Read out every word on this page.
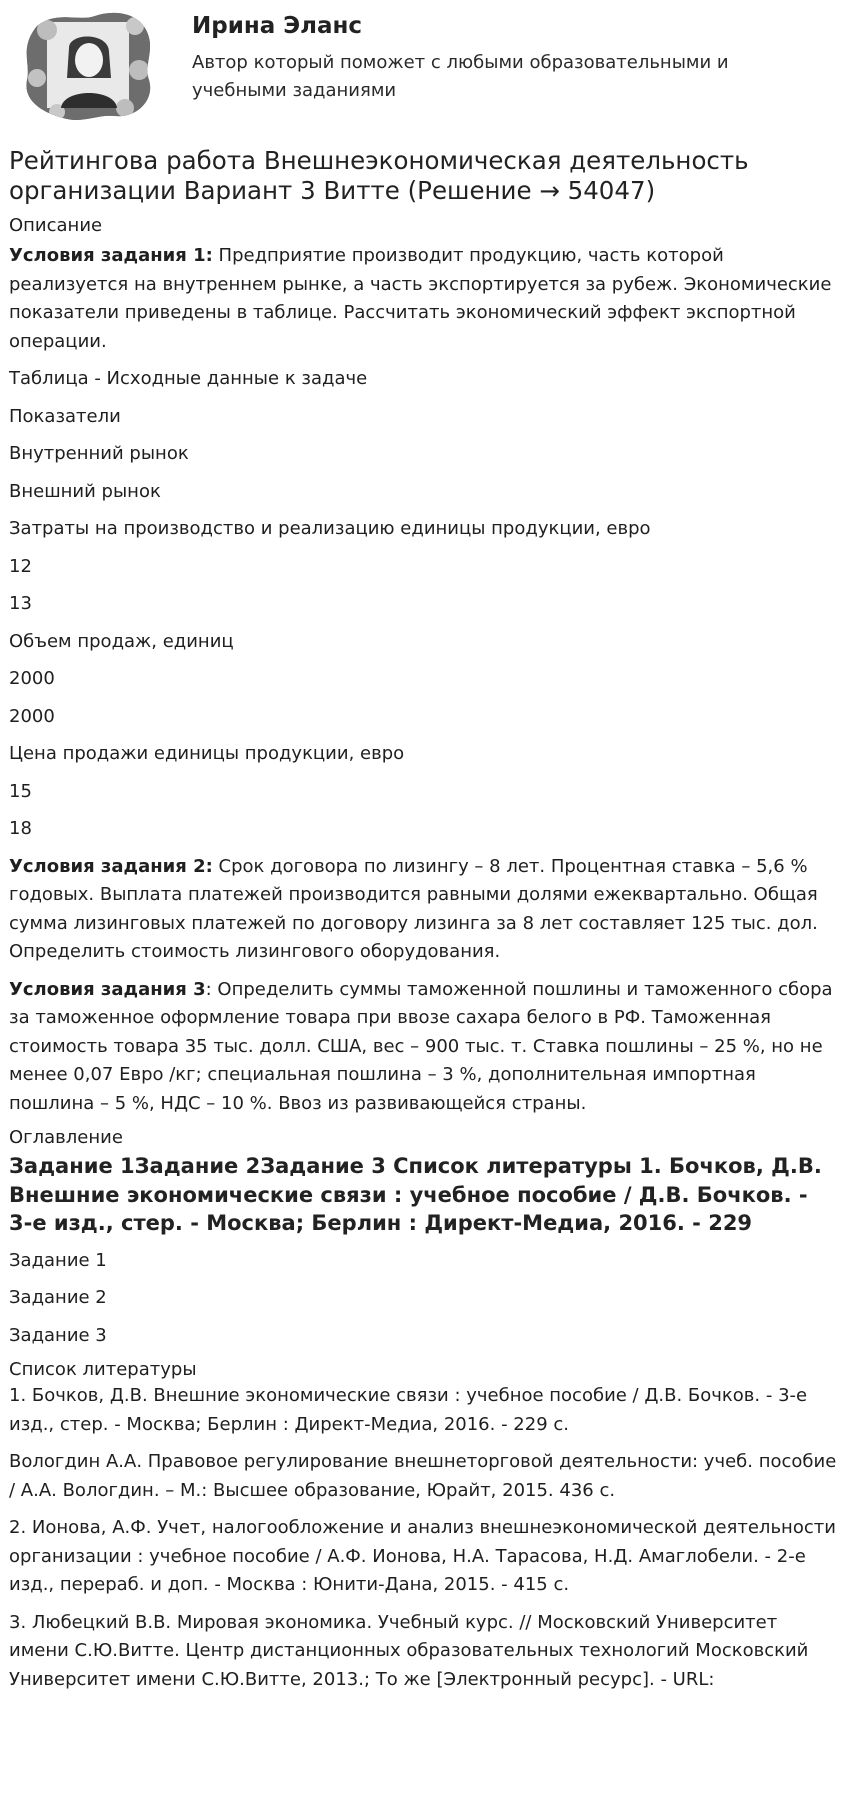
Ирина Эланс
Автор который поможет с любыми образовательными и учебными заданиями
Рейтингова работа Внешнеэкономическая деятельность организации Вариант 3 Витте (Решение → 54047)
Описание

Условия задания 1: Предприятие производит продукцию, часть которой реализуется на внутреннем рынке, а часть экспортируется за рубеж. Экономические показатели приведены в таблице. Рассчитать экономический эффект экспортной операции.

Таблица - Исходные данные к задаче
Показатели
Внутренний рынок
Внешний рынок
Затраты на производство и реализацию единицы продукции, евро
12
13
Объем продаж, единиц
2000
2000
Цена продажи единицы продукции, евро
15
18

Условия задания 2: Срок договора по лизингу – 8 лет. Процентная ставка – 5,6 % годовых. Выплата платежей производится равными долями ежеквартально. Общая сумма лизинговых платежей по договору лизинга за 8 лет составляет 125 тыс. дол. Определить стоимость лизингового оборудования.

Условия задания 3: Определить суммы таможенной пошлины и таможенного сбора за таможенное оформление товара при ввозе сахара белого в РФ. Таможенная стоимость товара 35 тыс. долл. США, вес – 900 тыс. т. Ставка пошлины – 25 %, но не менее 0,07 Евро /кг; специальная пошлина – 3 %, дополнительная импортная пошлина – 5 %, НДС – 10 %. Ввоз из развивающейся страны.

Оглавление
Задание 1Задание 2Задание 3 Список литературы 1. Бочков, Д.В. Внешние экономические связи : учебное пособие / Д.В. Бочков. - 3-е изд., стер. - Москва; Берлин : Директ-Медиа, 2016. - 229
Задание 1
Задание 2
Задание 3
Список литературы

1. Бочков, Д.В. Внешние экономические связи : учебное пособие / Д.В. Бочков. - 3-е изд., стер. - Москва; Берлин : Директ-Медиа, 2016. - 229 с.

Вологдин А.А. Правовое регулирование внешнеторговой деятельности: учеб. пособие / А.А. Вологдин. – М.: Высшее образование, Юрайт, 2015. 436 с.

2. Ионова, А.Ф. Учет, налогообложение и анализ внешнеэкономической деятельности организации : учебное пособие / А.Ф. Ионова, Н.А. Тарасова, Н.Д. Амаглобели. - 2-е изд., перераб. и доп. - Москва : Юнити-Дана, 2015. - 415 с.

3. Любецкий В.В. Мировая экономика. Учебный курс. // Московский Университет имени С.Ю.Витте. Центр дистанционных образовательных технологий Московский Университет имени С.Ю.Витте, 2013.; То же [Электронный ресурс]. - URL:
